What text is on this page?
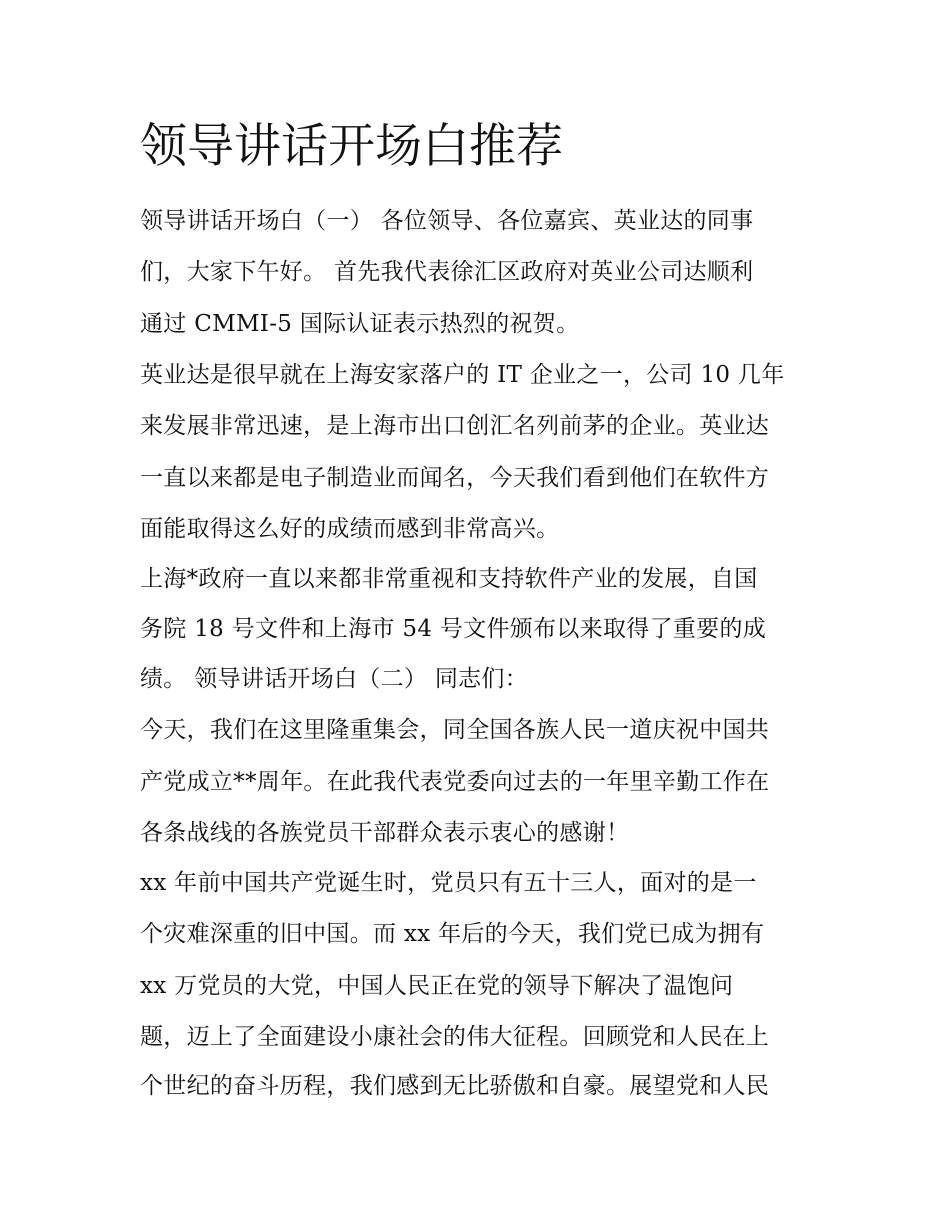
领导讲话开场白推荐

领导讲话开场白（一） 各位领导、各位嘉宾、英业达的同事

们，大家下午好。 首先我代表徐汇区政府对英业公司达顺利

通过 CMMI-5 国际认证表示热烈的祝贺。

英业达是很早就在上海安家落户的 IT 企业之一，公司 10 几年

来发展非常迅速，是上海市出口创汇名列前茅的企业。英业达

一直以来都是电子制造业而闻名，今天我们看到他们在软件方

面能取得这么好的成绩而感到非常高兴。

上海*政府一直以来都非常重视和支持软件产业的发展，自国

务院 18 号文件和上海市 54 号文件颁布以来取得了重要的成

绩。 领导讲话开场白（二） 同志们：

今天，我们在这里隆重集会，同全国各族人民一道庆祝中国共

产党成立**周年。在此我代表党委向过去的一年里辛勤工作在

各条战线的各族党员干部群众表示衷心的感谢！

xx 年前中国共产党诞生时，党员只有五十三人，面对的是一

个灾难深重的旧中国。而 xx 年后的今天，我们党已成为拥有

xx 万党员的大党，中国人民正在党的领导下解决了温饱问

题，迈上了全面建设小康社会的伟大征程。回顾党和人民在上

个世纪的奋斗历程，我们感到无比骄傲和自豪。展望党和人民
